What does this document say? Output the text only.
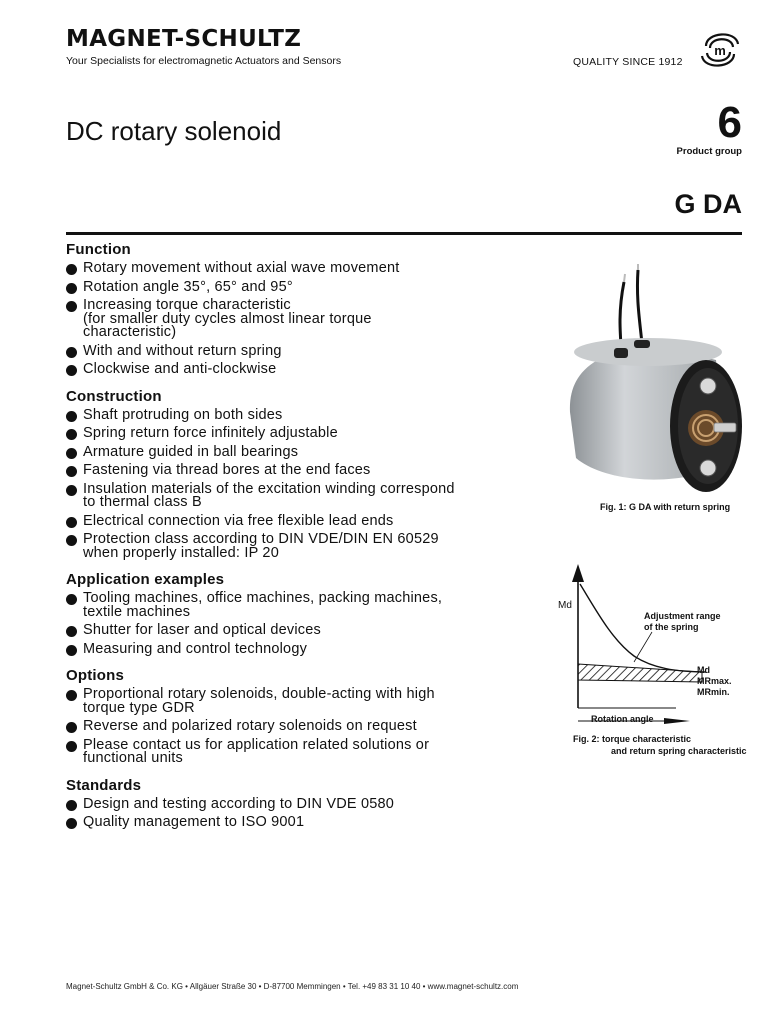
MAGNET-SCHULTZ
Your Specialists for electromagnetic Actuators and Sensors	QUALITY SINCE 1912
m
DC rotary solenoid	6
Product group
G DA
Function
Rotary movement without axial wave movement
Rotation angle 35°, 65° and 95°
Increasing torque characteristic
(for smaller duty cycles almost linear torque
characteristic)
With and without return spring
Clockwise and anti-clockwise
Construction
Shaft protruding on both sides
Spring return force infinitely adjustable
Armature guided in ball bearings
Fastening via thread bores at the end faces
Insulation materials of the excitation winding correspond
to thermal class B
Electrical connection via free flexible lead ends
Protection class according to DIN VDE/DIN EN 60529
when properly installed: IP 20
Application examples
Tooling machines, office machines, packing machines,
textile machines
Shutter for laser and optical devices
Measuring and control technology
Options
Proportional rotary solenoids, double-acting with high
torque type GDR
Reverse and polarized rotary solenoids on request
Please contact us for application related solutions or
functional units
Standards
Design and testing according to DIN VDE 0580
Quality management to ISO 9001
Fig. 1: G DA with return spring
Md
Adjustment range
of the spring
Md
MRmax.
MRmin.
Rotation angle
Fig. 2: torque characteristic
and return spring characteristic
Magnet-Schultz GmbH & Co. KG • Allgäuer Straße 30 • D-87700 Memmingen • Tel. +49 83 31 10 40 • www.magnet-schultz.com
